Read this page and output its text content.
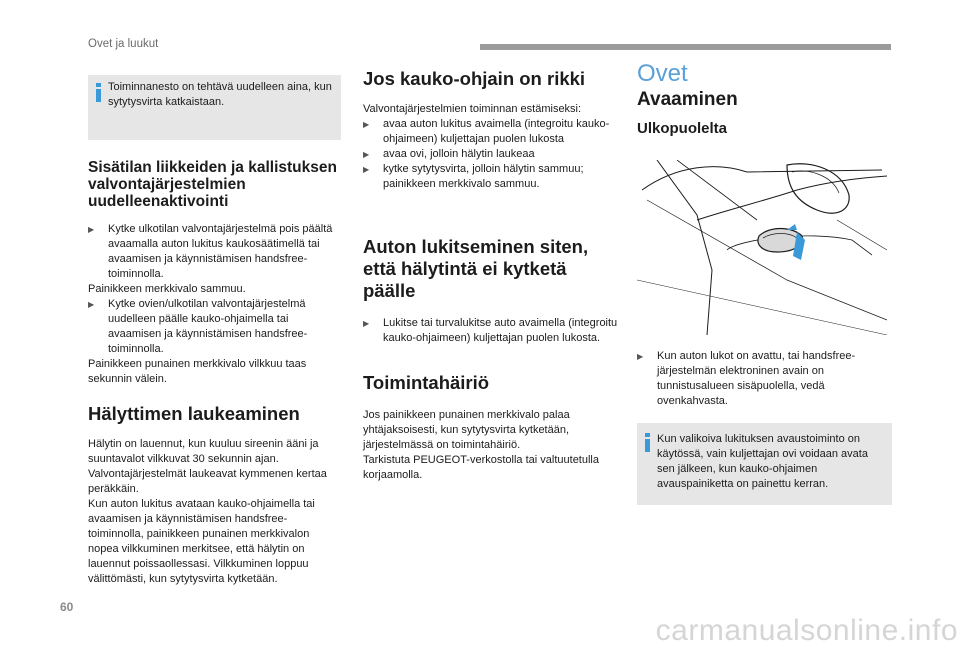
Ovet ja luukut

Toiminnanesto on tehtävä uudelleen aina, kun sytytysvirta katkaistaan.

Sisätilan liikkeiden ja kallistuksen valvontajärjestelmien uudelleenaktivointi

▶ Kytke ulkotilan valvontajärjestelmä pois päältä avaamalla auton lukitus kaukosäätimellä tai avaamisen ja käynnistämisen handsfree-toiminnolla.

Painikkeen merkkivalo sammuu.

▶ Kytke ovien/ulkotilan valvontajärjestelmä uudelleen päälle kauko-ohjaimella tai avaamisen ja käynnistämisen handsfree-toiminnolla.

Painikkeen punainen merkkivalo vilkkuu taas sekunnin välein.

Hälyttimen laukeaminen

Hälytin on lauennut, kun kuuluu sireenin ääni ja suuntavalot vilkkuvat 30 sekunnin ajan.

Valvontajärjestelmät laukeavat kymmenen kertaa peräkkäin.

Kun auton lukitus avataan kauko-ohjaimella tai avaamisen ja käynnistämisen handsfree-toiminnolla, painikkeen punainen merkkivalon nopea vilkkuminen merkitsee, että hälytin on lauennut poissaollessasi. Vilkkuminen loppuu välittömästi, kun sytytysvirta kytketään.

Jos kauko-ohjain on rikki

Valvontajärjestelmien toiminnan estämiseksi:

▶ avaa auton lukitus avaimella (integroitu kauko-ohjaimeen) kuljettajan puolen lukosta

▶ avaa ovi, jolloin hälytin laukeaa

▶ kytke sytytysvirta, jolloin hälytin sammuu; painikkeen merkkivalo sammuu.

Auton lukitseminen siten, että hälytintä ei kytketä päälle

▶ Lukitse tai turvalukitse auto avaimella (integroitu kauko-ohjaimeen) kuljettajan puolen lukosta.

Toimintahäiriö

Jos painikkeen punainen merkkivalo palaa yhtäjaksoisesti, kun sytytysvirta kytketään, järjestelmässä on toimintahäiriö.

Tarkistuta PEUGEOT-verkostolla tai valtuutetulla korjaamolla.

Ovet

Avaaminen

Ulkopuolelta

▶ Kun auton lukot on avattu, tai handsfree-järjestelmän elektroninen avain on tunnistusalueen sisäpuolella, vedä ovenkahvasta.

Kun valikoiva lukituksen avaustoiminto on käytössä, vain kuljettajan ovi voidaan avata sen jälkeen, kun kauko-ohjaimen avauspainiketta on painettu kerran.

60
carmanualsonline.info
